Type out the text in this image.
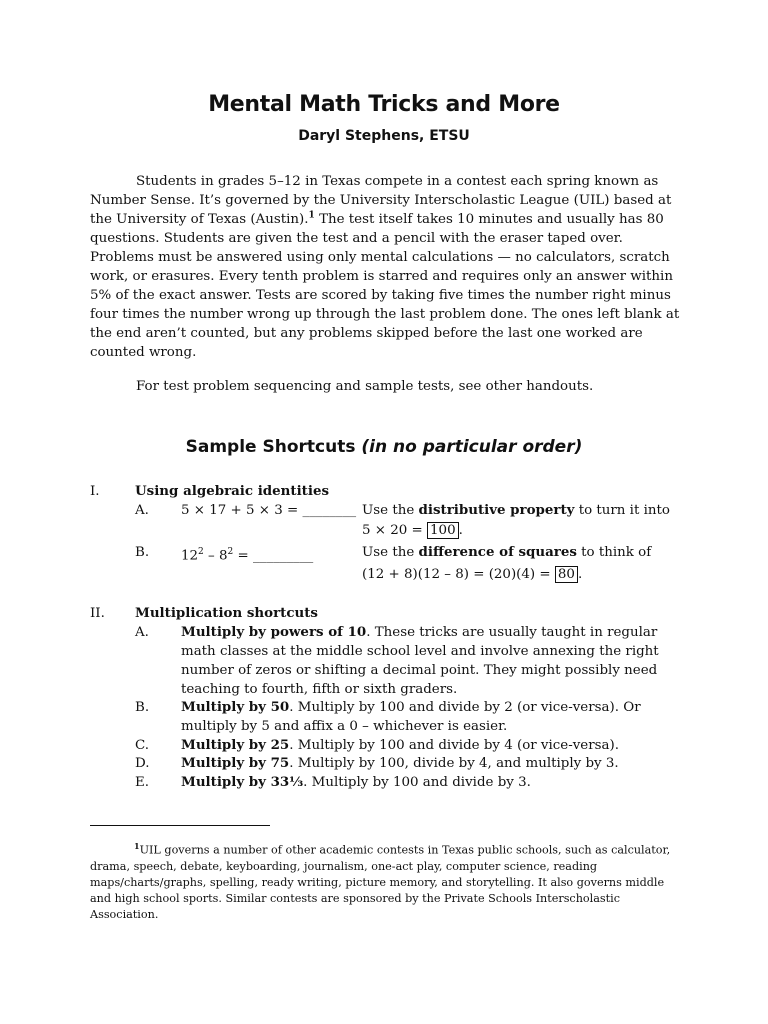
Mental Math Tricks and More
Daryl Stephens, ETSU
Students in grades 5–12 in Texas compete in a contest each spring known as Number Sense. It’s governed by the University Interscholastic League (UIL) based at the University of Texas (Austin).$^1$ The test itself takes 10 minutes and usually has 80 questions. Students are given the test and a pencil with the eraser taped over. Problems must be answered using only mental calculations — no calculators, scratch work, or erasures. Every tenth problem is starred and requires only an answer within 5% of the exact answer. Tests are scored by taking five times the number right minus four times the number wrong up through the last problem done. The ones left blank at the end aren’t counted, but any problems skipped before the last one worked are counted wrong.
For test problem sequencing and sample tests, see other handouts.
Sample Shortcuts (in no particular order)
I.	Using algebraic identities
A. 5 × 17 + 5 × 3 = ________ Use the distributive property to turn it into
5 × 20 = 100 .
B. $12^2 - 8^2$ = _________	Use the difference of squares to think of
(12 + 8)(12 – 8) = (20)(4) = 80 .
II. Multiplication shortcuts
A. Multiply by powers of 10. These tricks are usually taught in regular math classes at the middle school level and involve annexing the right number of zeros or shifting a decimal point. They might possibly need teaching to fourth, fifth or sixth graders.
B. Multiply by 50. Multiply by 100 and divide by 2 (or vice-versa). Or multiply by 5 and affix a 0 – whichever is easier.
C. Multiply by 25. Multiply by 100 and divide by 4 (or vice-versa).
D. Multiply by 75. Multiply by 100, divide by 4, and multiply by 3.
E. Multiply by 33⅓. Multiply by 100 and divide by 3.
$^1$UIL governs a number of other academic contests in Texas public schools, such as calculator, drama, speech, debate, keyboarding, journalism, one-act play, computer science, reading maps/charts/graphs, spelling, ready writing, picture memory, and storytelling. It also governs middle and high school sports. Similar contests are sponsored by the Private Schools Interscholastic Association.
